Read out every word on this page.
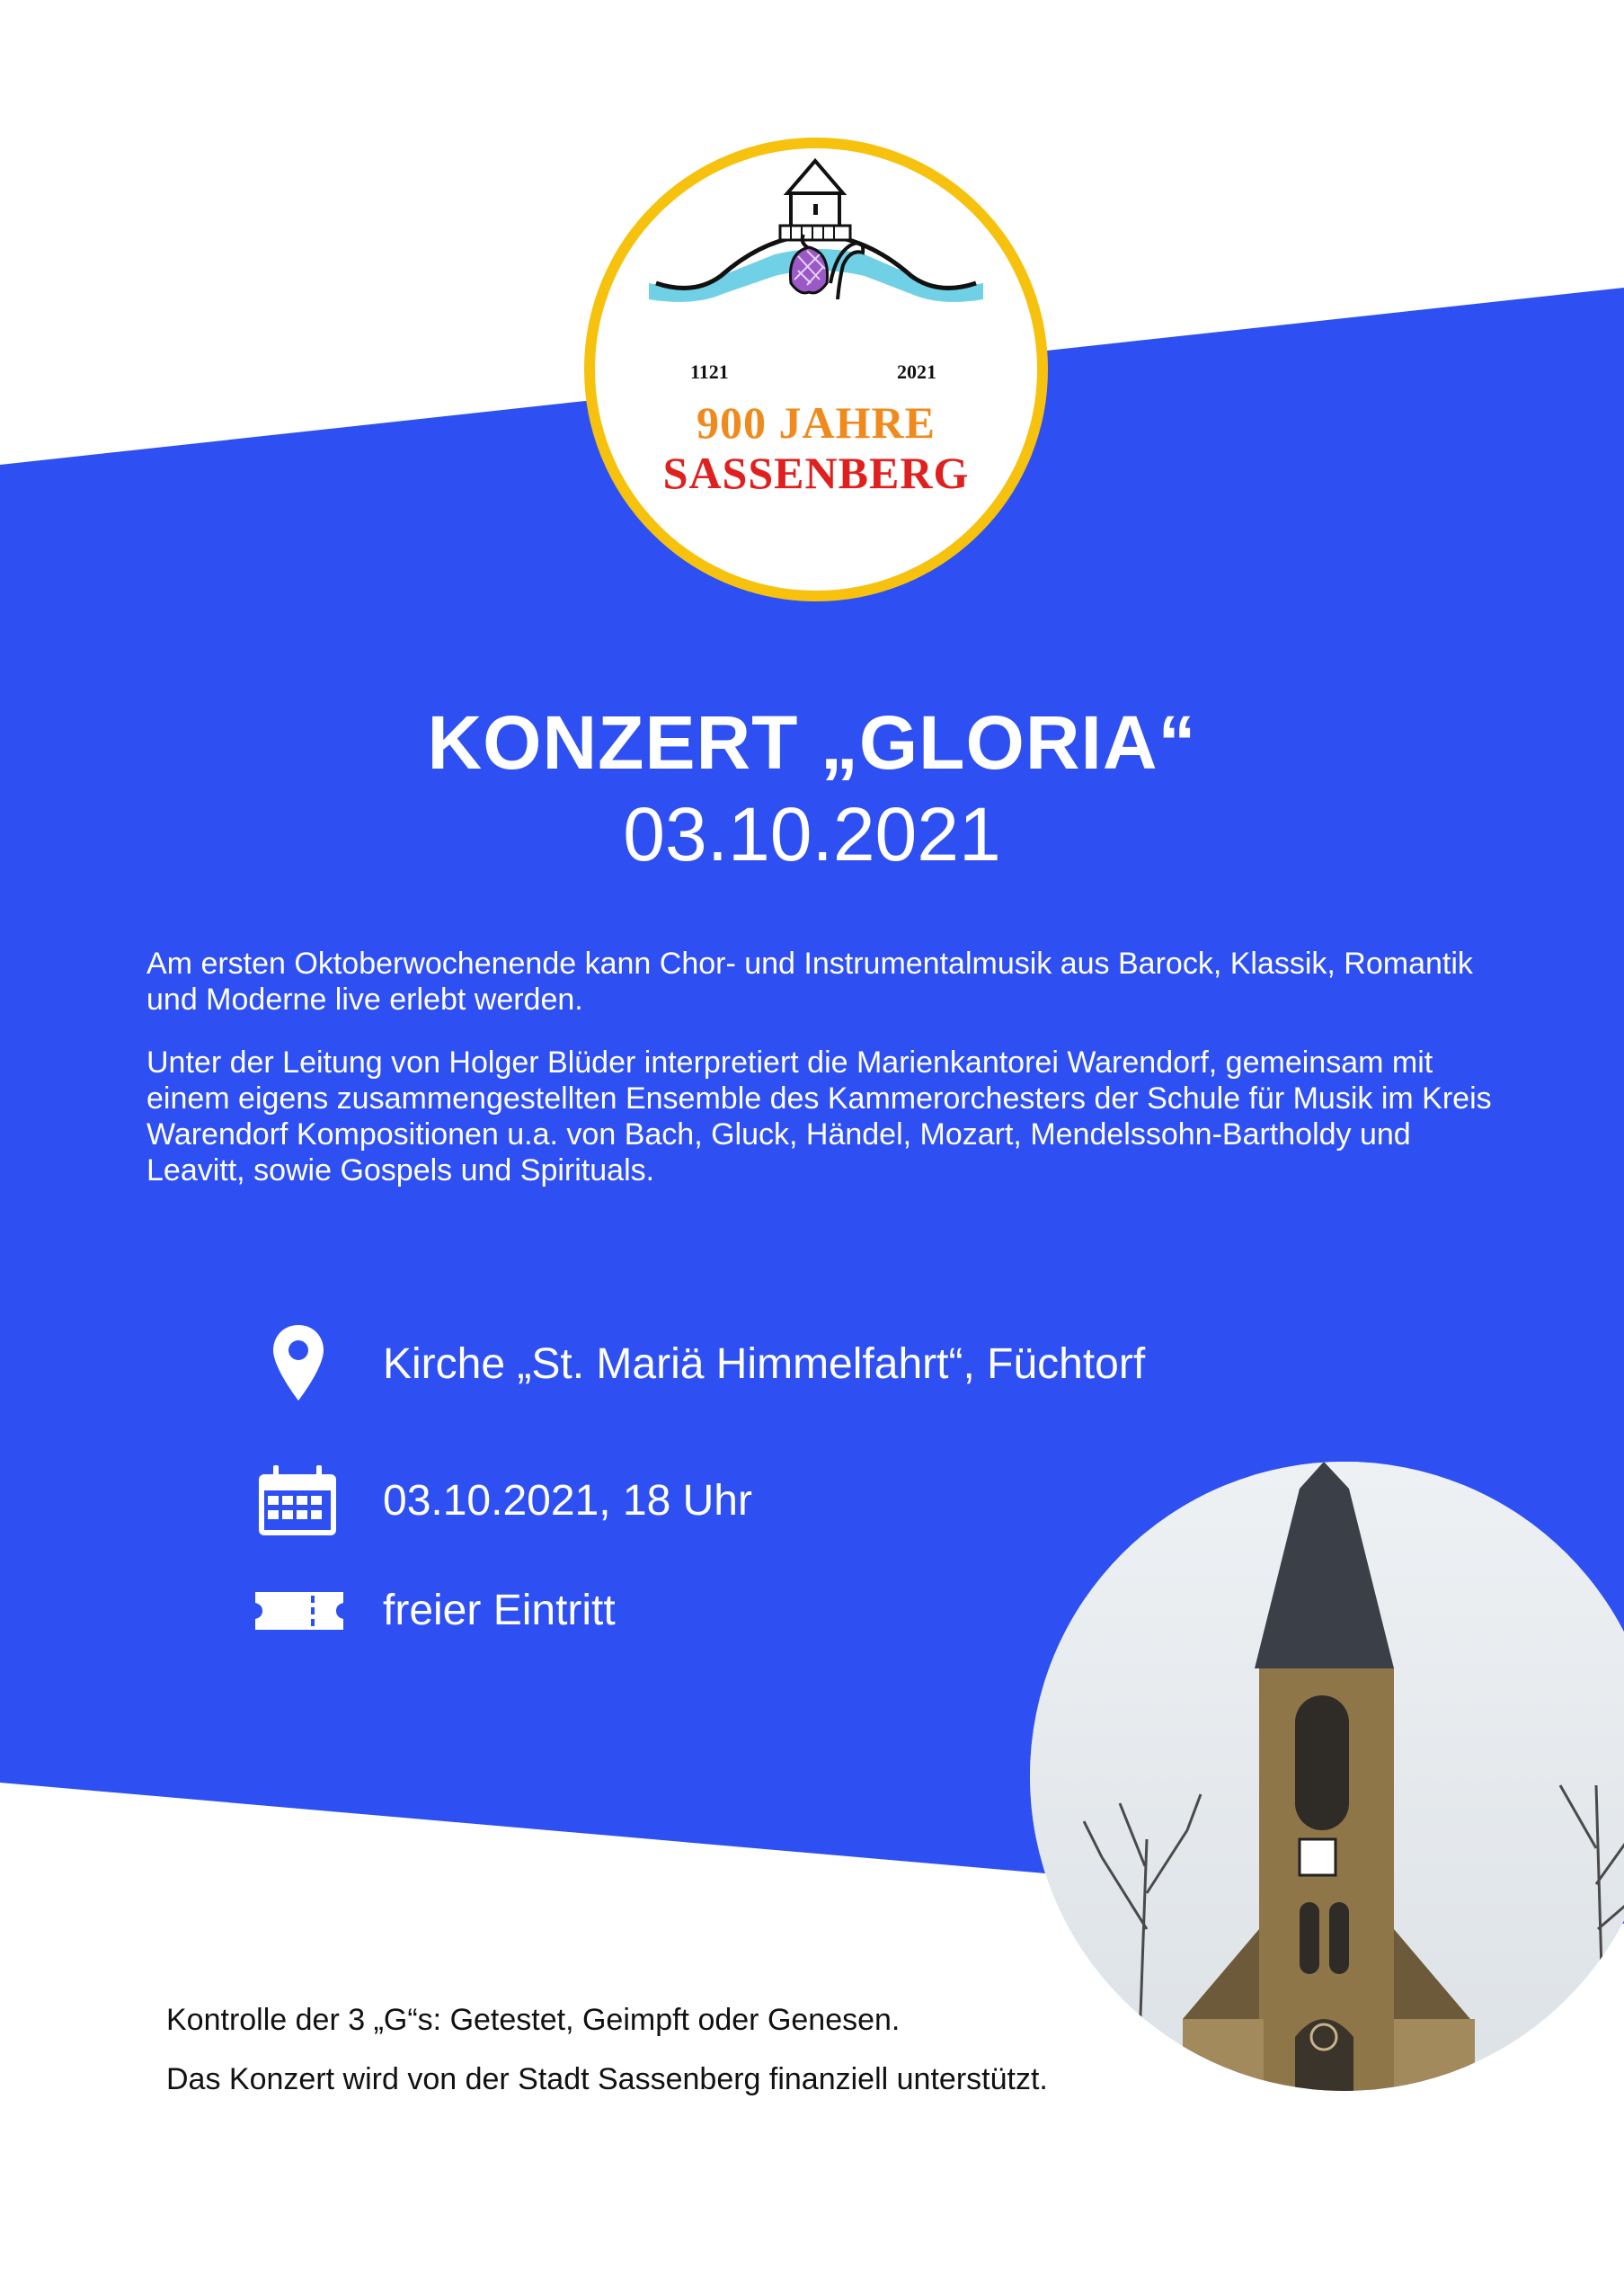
1121	2021
900 JAHRE
SASSENBERG
KONZERT „GLORIA“
03.10.2021

Am ersten Oktoberwochenende kann Chor- und Instrumentalmusik aus Barock, Klassik, Romantik und Moderne live erlebt werden.

Unter der Leitung von Holger Blüder interpretiert die Marienkantorei Warendorf, gemeinsam mit einem eigens zusammengestellten Ensemble des Kammerorchesters der Schule für Musik im Kreis Warendorf Kompositionen u.a. von Bach, Gluck, Händel, Mozart, Mendelssohn-Bartholdy und Leavitt, sowie Gospels und Spirituals.

Kirche „St. Mariä Himmelfahrt“, Füchtorf
03.10.2021, 18 Uhr
freier Eintritt
Kontrolle der 3 „G“s: Getestet, Geimpft oder Genesen.
Das Konzert wird von der Stadt Sassenberg finanziell unterstützt.
